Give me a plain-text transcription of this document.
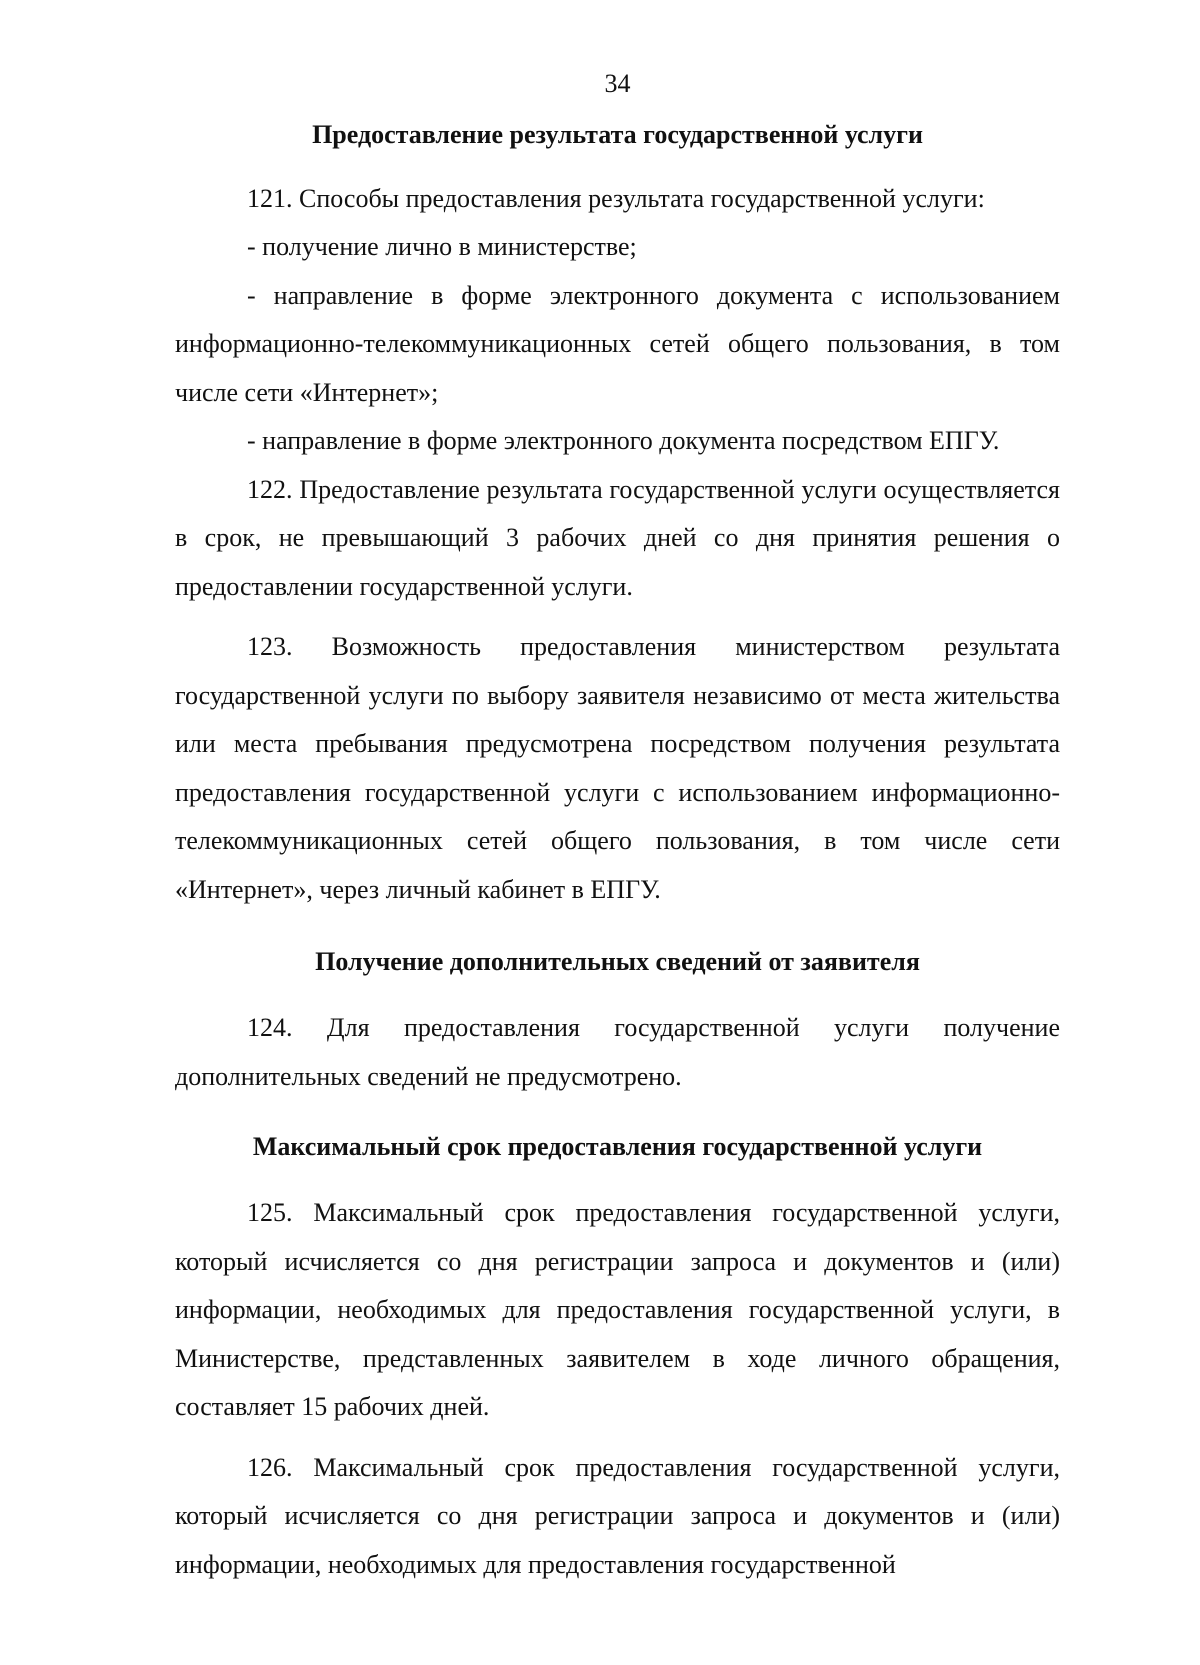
34
Предоставление результата государственной услуги

121. Способы предоставления результата государственной услуги:

- получение лично в министерстве;

- направление в форме электронного документа с использованием информационно-телекоммуникационных сетей общего пользования, в том числе сети «Интернет»;

- направление в форме электронного документа посредством ЕПГУ.

122. Предоставление результата государственной услуги осуществляется в срок, не превышающий 3 рабочих дней со дня принятия решения о предоставлении государственной услуги.

123. Возможность предоставления министерством результата государственной услуги по выбору заявителя независимо от места жительства или места пребывания предусмотрена посредством получения результата предоставления государственной услуги с использованием информационно-телекоммуникационных сетей общего пользования, в том числе сети «Интернет», через личный кабинет в ЕПГУ.

Получение дополнительных сведений от заявителя

124. Для предоставления государственной услуги получение дополнительных сведений не предусмотрено.

Максимальный срок предоставления государственной услуги

125. Максимальный срок предоставления государственной услуги, который исчисляется со дня регистрации запроса и документов и (или) информации, необходимых для предоставления государственной услуги, в Министерстве, представленных заявителем в ходе личного обращения, составляет 15 рабочих дней.

126. Максимальный срок предоставления государственной услуги, который исчисляется со дня регистрации запроса и документов и (или) информации, необходимых для предоставления государственной
